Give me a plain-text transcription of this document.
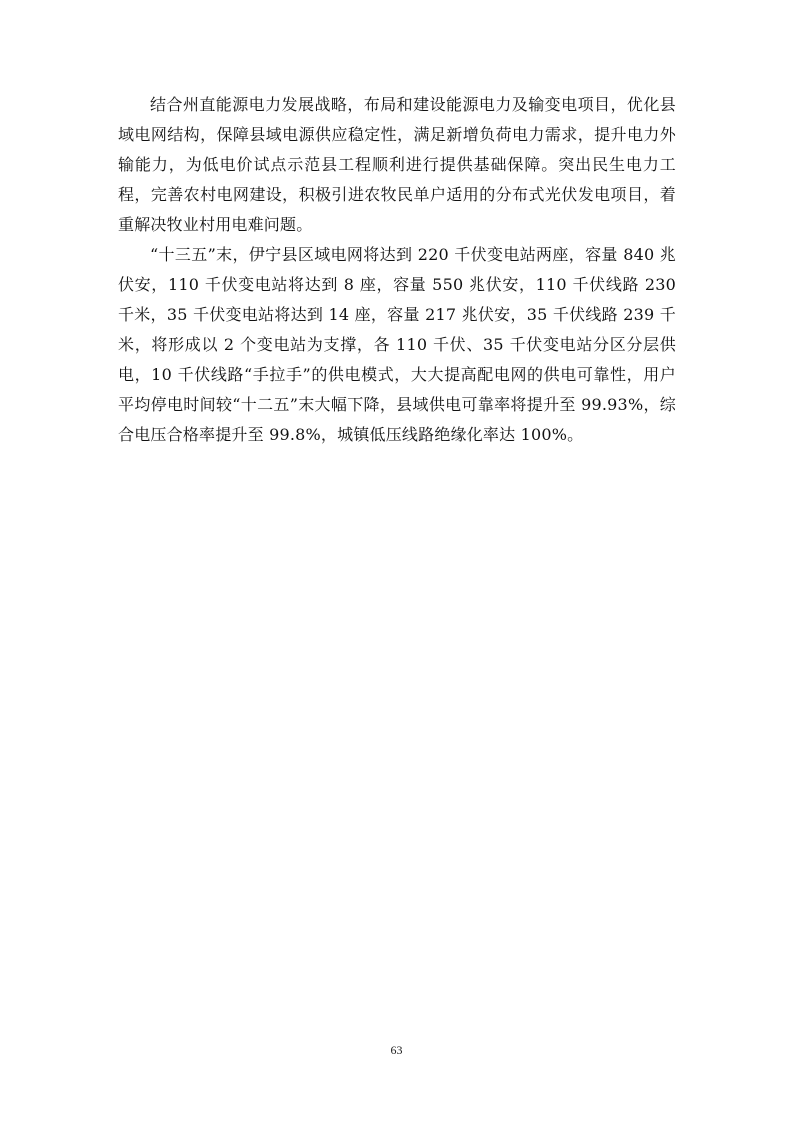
结合州直能源电力发展战略，布局和建设能源电力及输变电项目，优化县域电网结构，保障县域电源供应稳定性，满足新增负荷电力需求，提升电力外输能力，为低电价试点示范县工程顺利进行提供基础保障。突出民生电力工程，完善农村电网建设，积极引进农牧民单户适用的分布式光伏发电项目，着重解决牧业村用电难问题。

“十三五”末，伊宁县区域电网将达到 220 千伏变电站两座，容量 840 兆伏安，110 千伏变电站将达到 8 座，容量 550 兆伏安，110 千伏线路 230 千米，35 千伏变电站将达到 14 座，容量 217 兆伏安，35 千伏线路 239 千米，将形成以 2 个变电站为支撑，各 110 千伏、35 千伏变电站分区分层供电，10 千伏线路“手拉手”的供电模式，大大提高配电网的供电可靠性，用户平均停电时间较“十二五”末大幅下降，县域供电可靠率将提升至 99.93%，综合电压合格率提升至 99.8%，城镇低压线路绝缘化率达 100%。

63
